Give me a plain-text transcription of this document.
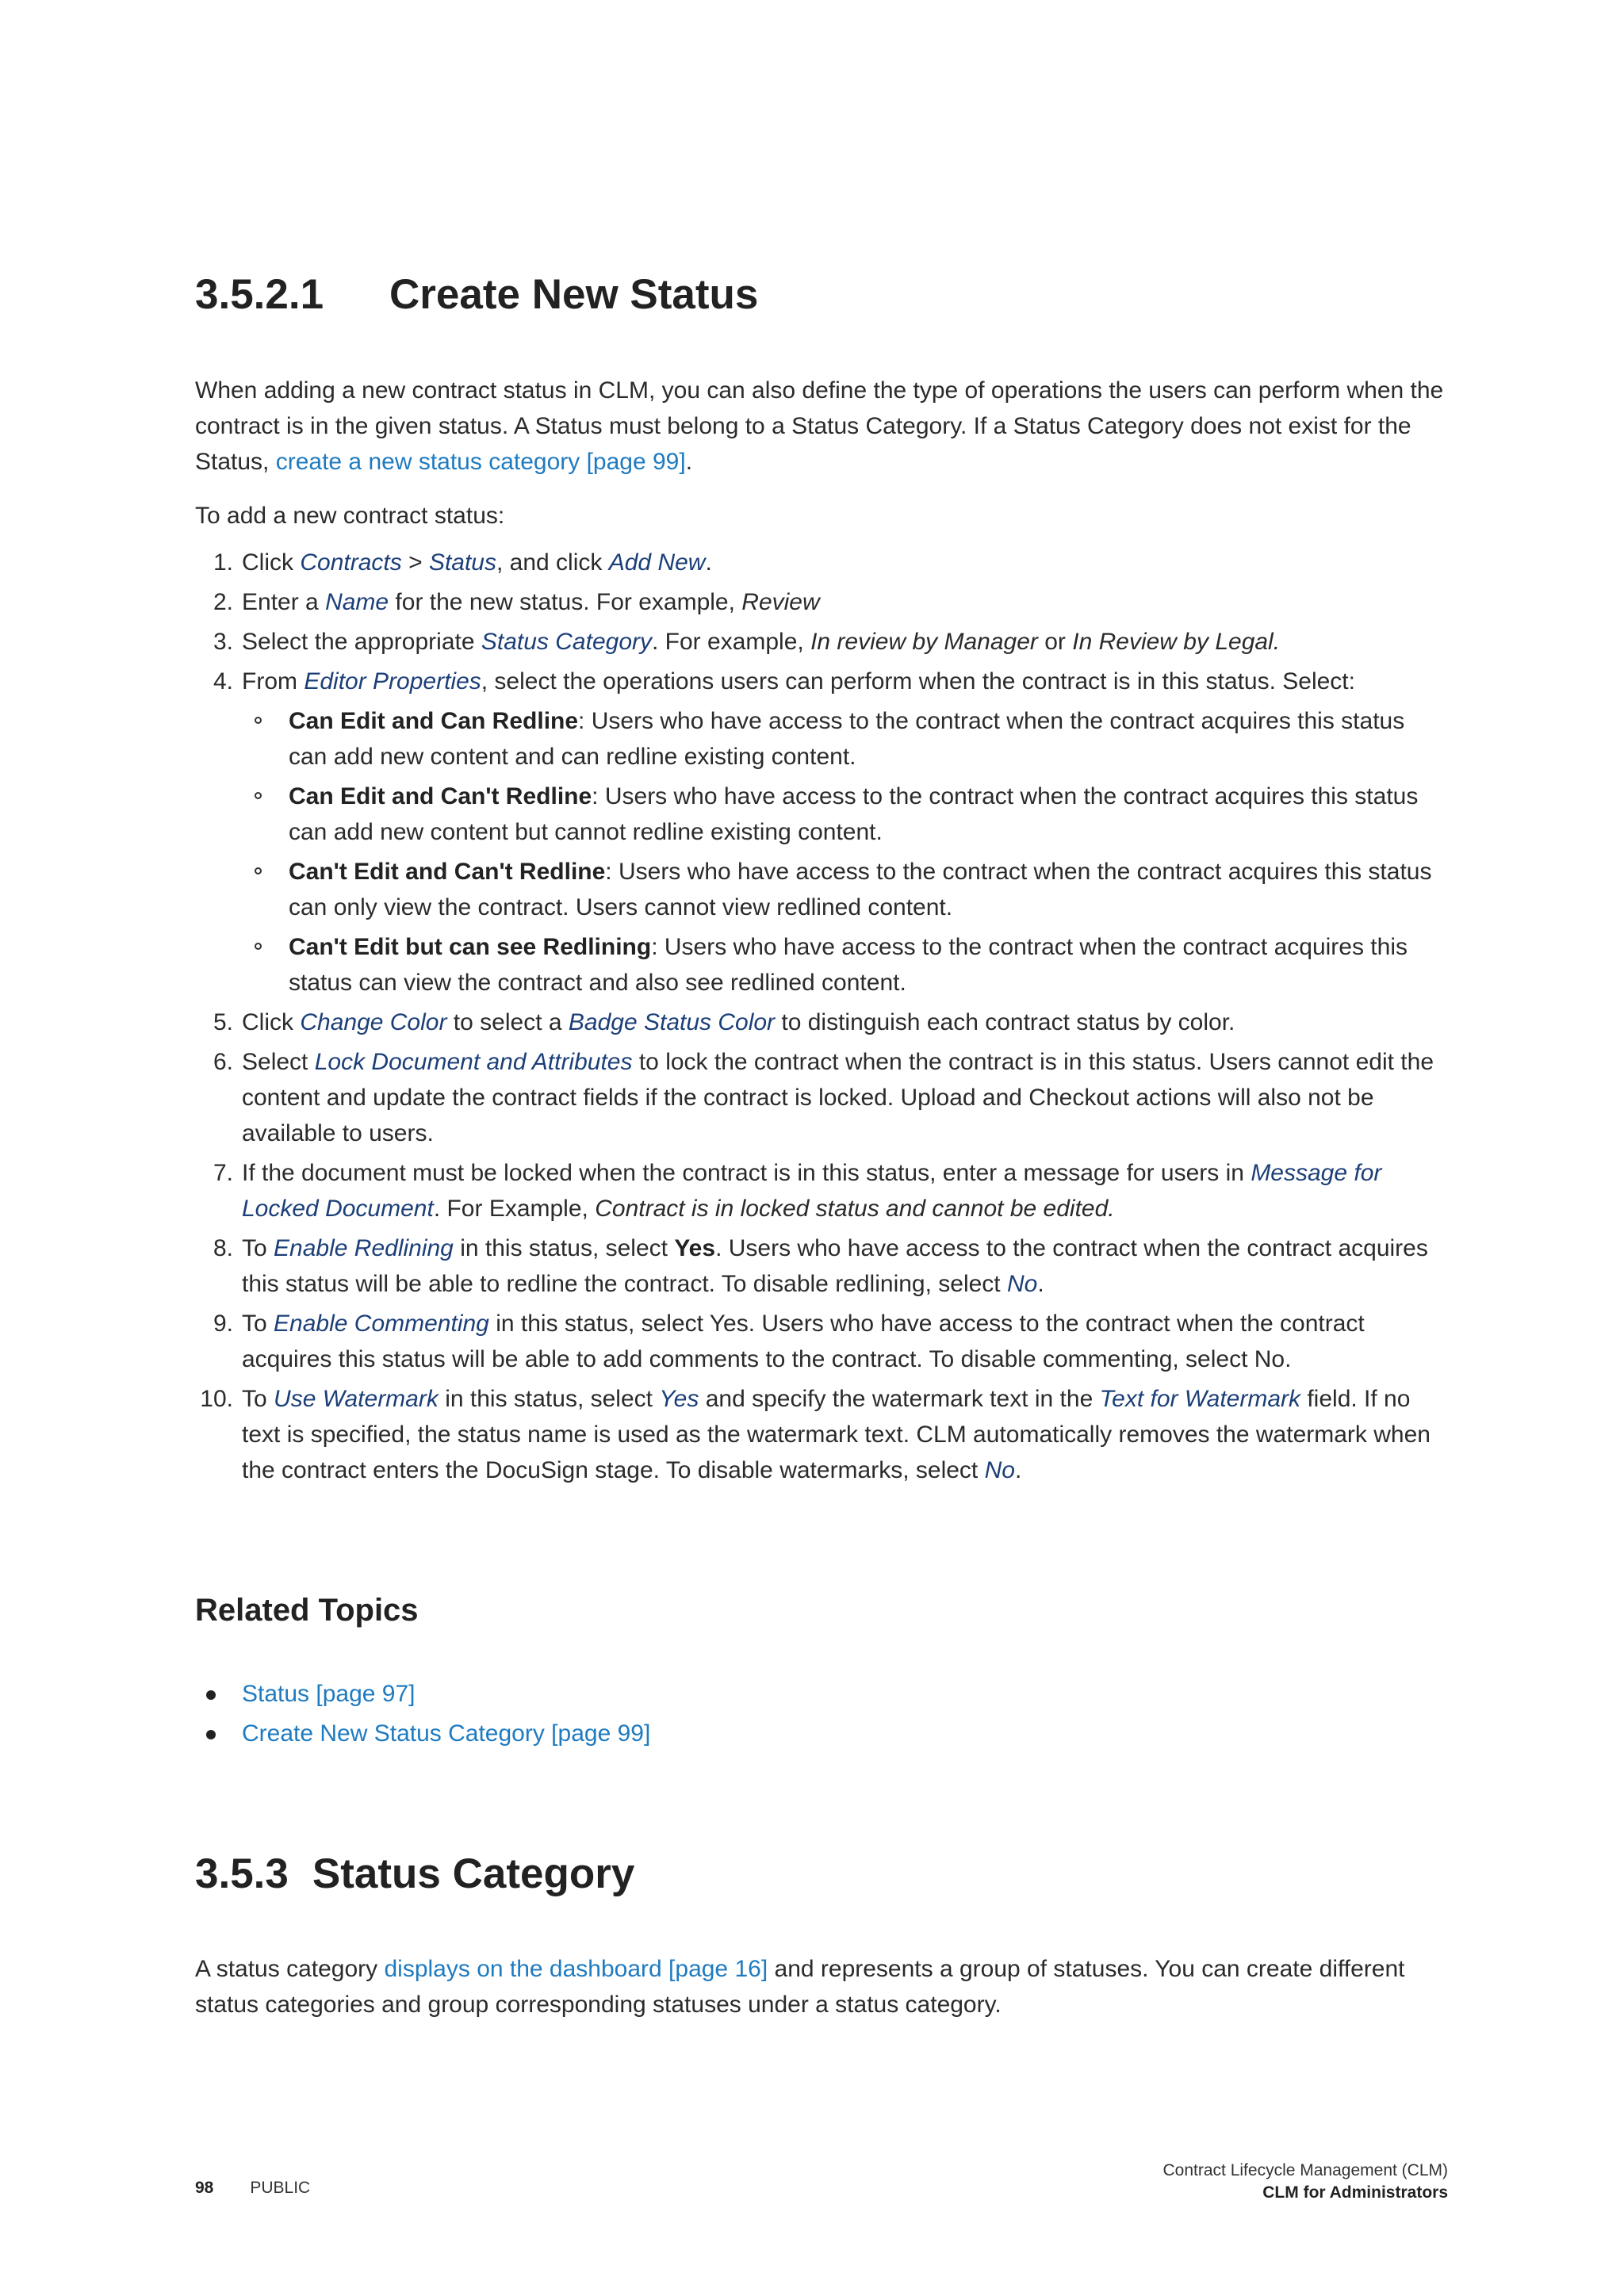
3.5.2.1	Create New Status

When adding a new contract status in CLM, you can also define the type of operations the users can perform when the contract is in the given status. A Status must belong to a Status Category. If a Status Category does not exist for the Status, create a new status category [page 99].

To add a new contract status:

1. Click Contracts > Status, and click Add New.
2. Enter a Name for the new status. For example, Review
3. Select the appropriate Status Category. For example, In review by Manager or In Review by Legal.
4. From Editor Properties, select the operations users can perform when the contract is in this status. Select:
Can Edit and Can Redline: Users who have access to the contract when the contract acquires this status can add new content and can redline existing content.
Can Edit and Can't Redline: Users who have access to the contract when the contract acquires this status can add new content but cannot redline existing content.
Can't Edit and Can't Redline: Users who have access to the contract when the contract acquires this status can only view the contract. Users cannot view redlined content.
Can't Edit but can see Redlining: Users who have access to the contract when the contract acquires this status can view the contract and also see redlined content.
5. Click Change Color to select a Badge Status Color to distinguish each contract status by color.
6. Select Lock Document and Attributes to lock the contract when the contract is in this status. Users cannot edit the content and update the contract fields if the contract is locked. Upload and Checkout actions will also not be available to users.
7. If the document must be locked when the contract is in this status, enter a message for users in Message for Locked Document. For Example, Contract is in locked status and cannot be edited.
8. To Enable Redlining in this status, select Yes. Users who have access to the contract when the contract acquires this status will be able to redline the contract. To disable redlining, select No.
9. To Enable Commenting in this status, select Yes. Users who have access to the contract when the contract acquires this status will be able to add comments to the contract. To disable commenting, select No.
10. To Use Watermark in this status, select Yes and specify the watermark text in the Text for Watermark field. If no text is specified, the status name is used as the watermark text. CLM automatically removes the watermark when the contract enters the DocuSign stage. To disable watermarks, select No.
Related Topics
Status [page 97]
Create New Status Category [page 99]
3.5.3 Status Category

A status category displays on the dashboard [page 16] and represents a group of statuses. You can create different status categories and group corresponding statuses under a status category.

98 PUBLIC
Contract Lifecycle Management (CLM)
CLM for Administrators
